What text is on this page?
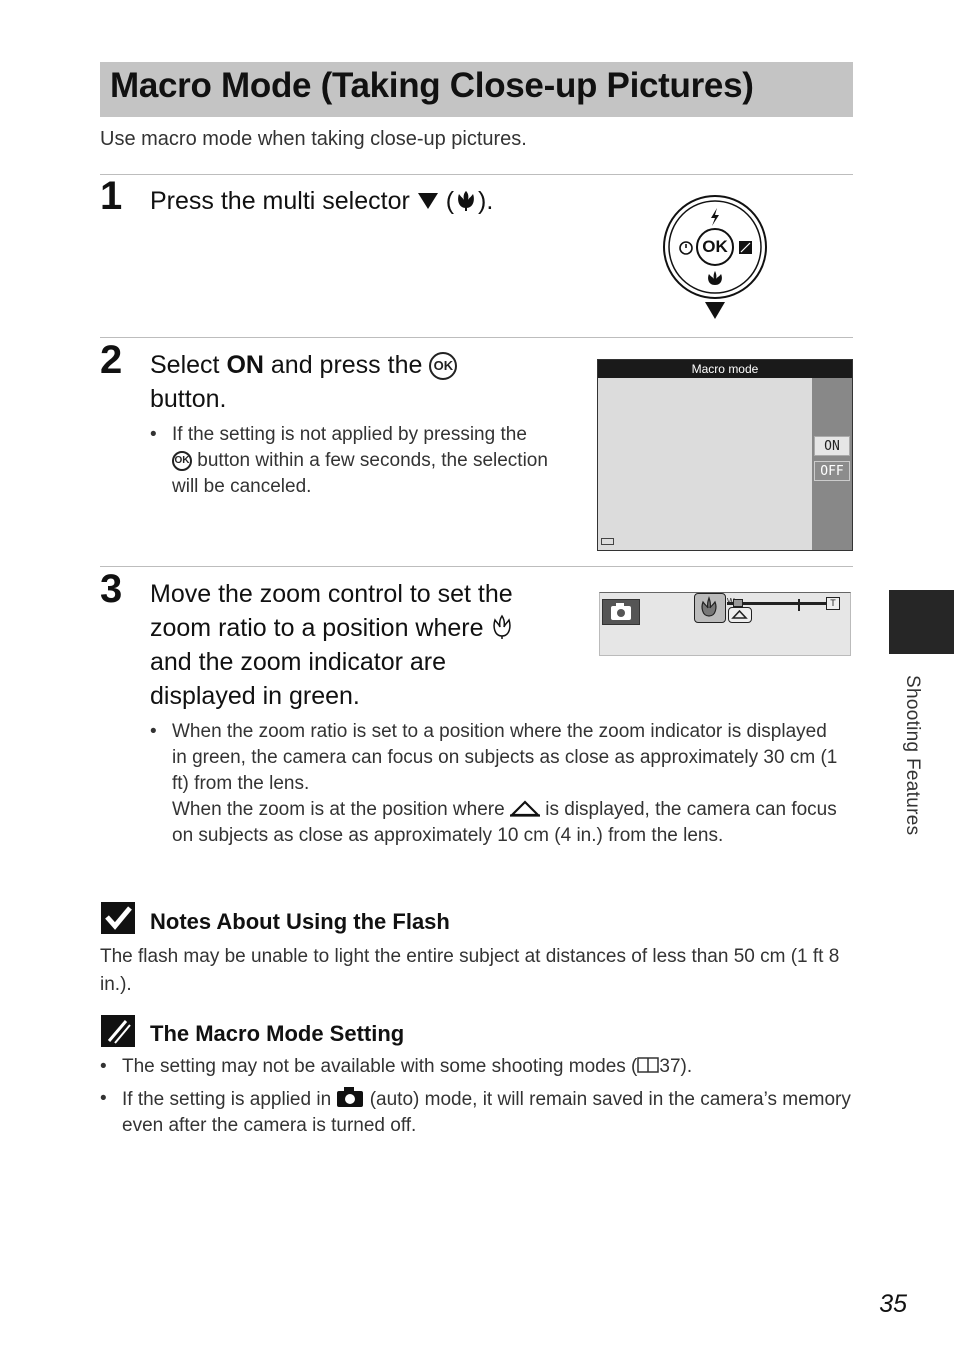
Macro Mode (Taking Close-up Pictures)
Use macro mode when taking close-up pictures.
1 Press the multi selector  ( ).
OK
2 Select ON and press the OK
button.
• If the setting is not applied by pressing the
OK button within a few seconds, the selection will be canceled.
Macro mode
ON
OFF
3 Move the zoom control to set the
zoom ratio to a position where
and the zoom indicator are
displayed in green.
W	T
• When the zoom ratio is set to a position where the zoom indicator is displayed in green, the camera can focus on subjects as close as approximately 30 cm (1 ft) from the lens.
When the zoom is at the position where is displayed, the camera can focus on subjects as close as approximately 10 cm (4 in.) from the lens.
Shooting Features
Notes About Using the Flash
The flash may be unable to light the entire subject at distances of less than 50 cm (1 ft 8 in.).
The Macro Mode Setting
• The setting may not be available with some shooting modes ( 37).
• If the setting is applied in (auto) mode, it will remain saved in the camera’s memory even after the camera is turned off.
35
